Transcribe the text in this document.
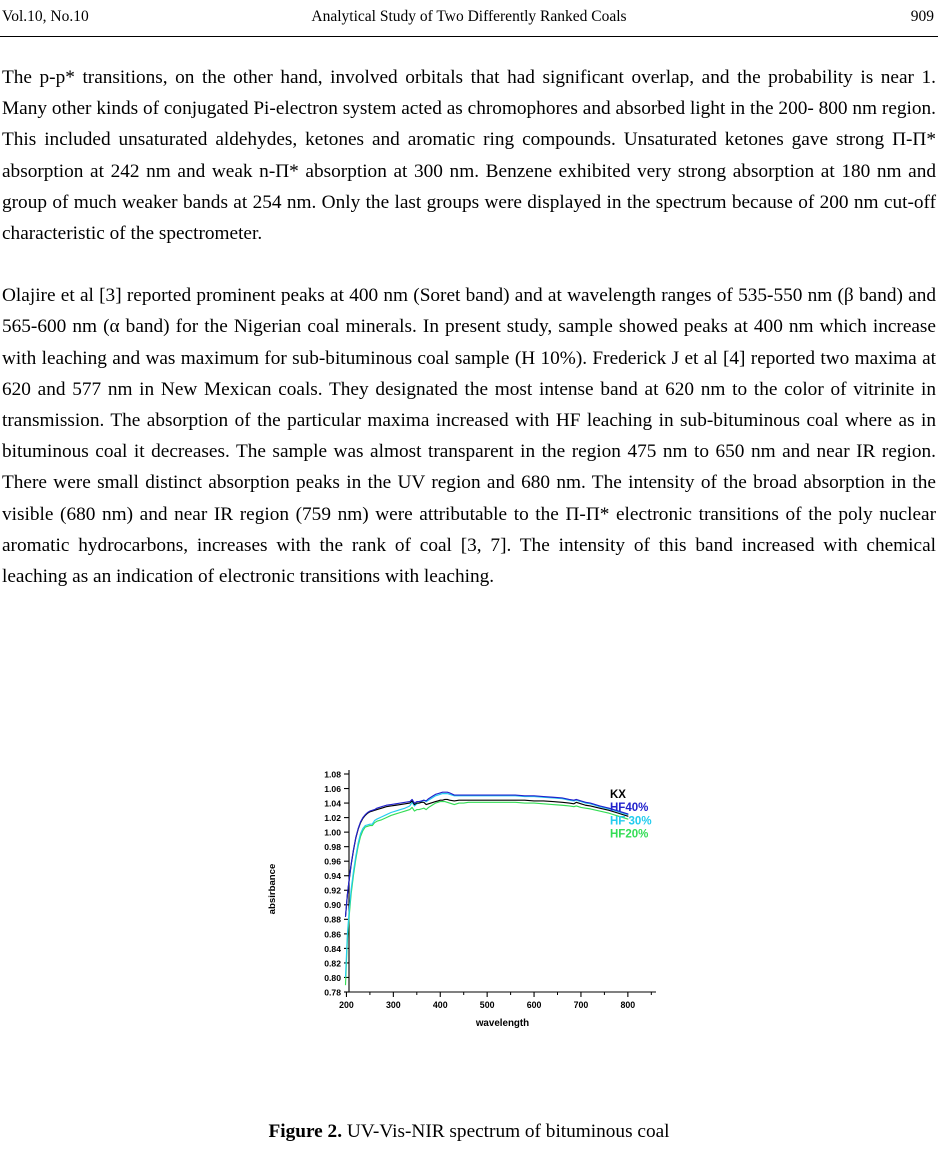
Vol.10, No.10	Analytical Study of Two Differently Ranked Coals	909

The p-p* transitions, on the other hand, involved orbitals that had significant overlap, and the probability is near 1. Many other kinds of conjugated Pi-electron system acted as chromophores and absorbed light in the 200- 800 nm region. This included unsaturated aldehydes, ketones and aromatic ring compounds. Unsaturated ketones gave strong Π-Π* absorption at 242 nm and weak n-Π* absorption at 300 nm. Benzene exhibited very strong absorption at 180 nm and group of much weaker bands at 254 nm. Only the last groups were displayed in the spectrum because of 200 nm cut-off characteristic of the spectrometer.

Olajire et al [3] reported prominent peaks at 400 nm (Soret band) and at wavelength ranges of 535-550 nm (β band) and 565-600 nm (α band) for the Nigerian coal minerals. In present study, sample showed peaks at 400 nm which increase with leaching and was maximum for sub-bituminous coal sample (H 10%). Frederick J et al [4] reported two maxima at 620 and 577 nm in New Mexican coals. They designated the most intense band at 620 nm to the color of vitrinite in transmission. The absorption of the particular maxima increased with HF leaching in sub-bituminous coal where as in bituminous coal it decreases. The sample was almost transparent in the region 475 nm to 650 nm and near IR region. There were small distinct absorption peaks in the UV region and 680 nm. The intensity of the broad absorption in the visible (680 nm) and near IR region (759 nm) were attributable to the Π-Π* electronic transitions of the poly nuclear aromatic hydrocarbons, increases with the rank of coal [3, 7]. The intensity of this band increased with chemical leaching as an indication of electronic transitions with leaching.

0.78
0.80
0.82
0.84
0.86
0.88
0.90
0.92
0.94
0.96
0.98
1.00
1.02
1.04
1.06
1.08
200	300	400	500	600	700	800
absirbance
wavelength
KX
HF40%
HF 30%
HF20%
Figure 2. UV-Vis-NIR spectrum of bituminous coal
